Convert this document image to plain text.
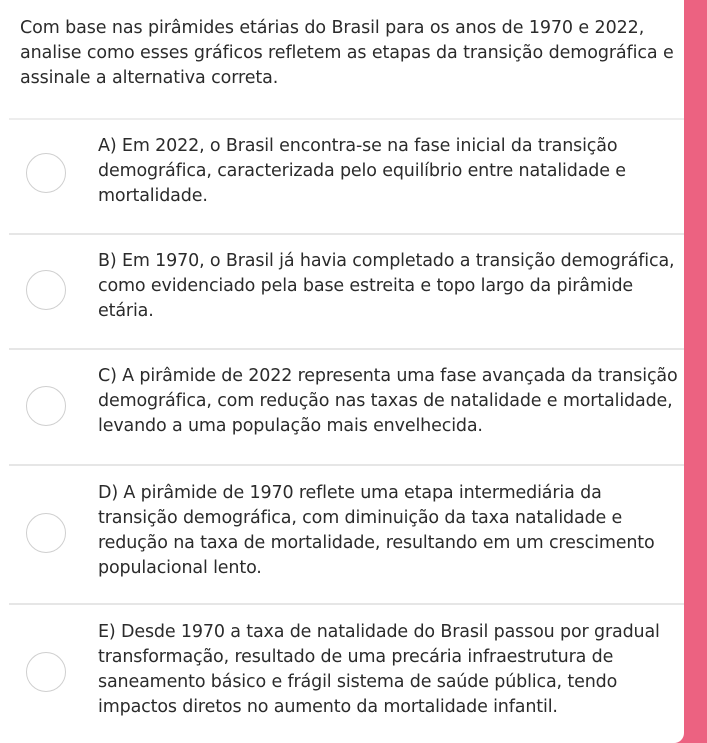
Com base nas pirâmides etárias do Brasil para os anos de 1970 e 2022, analise como esses gráficos refletem as etapas da transição demográfica e assinale a alternativa correta.
A) Em 2022, o Brasil encontra-se na fase inicial da transição demográfica, caracterizada pelo equilíbrio entre natalidade e mortalidade.
B) Em 1970, o Brasil já havia completado a transição demográfica, como evidenciado pela base estreita e topo largo da pirâmide etária.
C) A pirâmide de 2022 representa uma fase avançada da transição demográfica, com redução nas taxas de natalidade e mortalidade, levando a uma população mais envelhecida.
D) A pirâmide de 1970 reflete uma etapa intermediária da transição demográfica, com diminuição da taxa natalidade e redução na taxa de mortalidade, resultando em um crescimento populacional lento.
E) Desde 1970 a taxa de natalidade do Brasil passou por gradual transformação, resultado de uma precária infraestrutura de saneamento básico e frágil sistema de saúde pública, tendo impactos diretos no aumento da mortalidade infantil.
